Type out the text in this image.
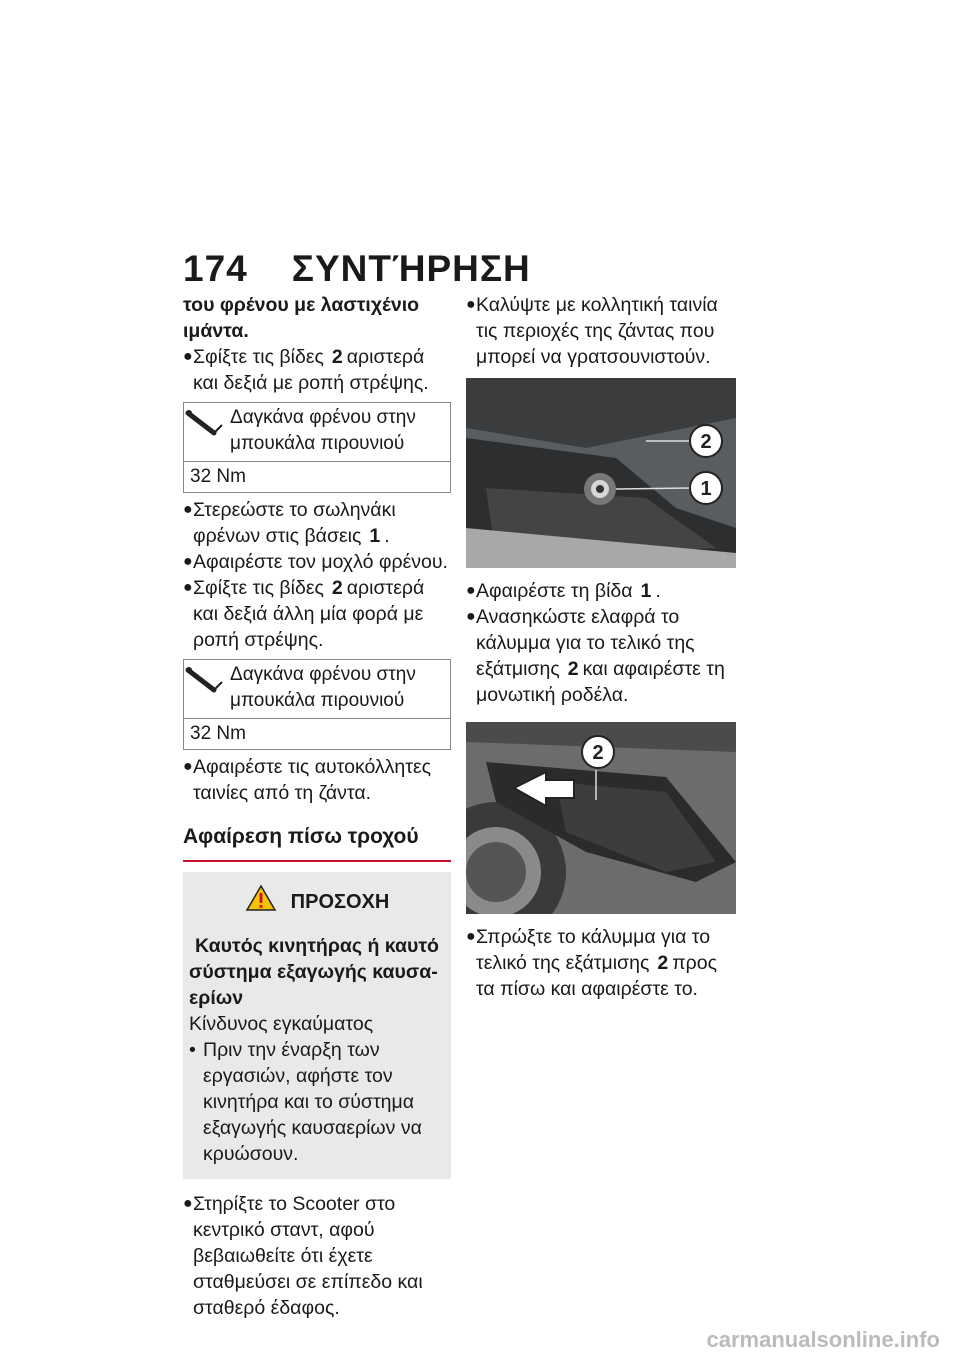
174 ΣΥΝΤΉΡΗΣΗ

του φρένου με λαστιχένιο ιμάντα.

● Σφίξτε τις βίδες 2 αριστερά και δεξιά με ροπή στρέψης.
Δαγκάνα φρένου στην μπουκάλα πιρουνιού
32 Nm
● Στερεώστε το σωληνάκι φρένων στις βάσεις 1 .
● Αφαιρέστε τον μοχλό φρένου.
● Σφίξτε τις βίδες 2 αριστερά και δεξιά άλλη μία φορά με ροπή στρέψης.
Δαγκάνα φρένου στην μπουκάλα πιρουνιού
32 Nm
● Αφαιρέστε τις αυτοκόλλητες ταινίες από τη ζάντα.
Αφαίρεση πίσω τροχού
ΠΡΟΣΟΧΗ

Καυτός κινητήρας ή καυτό

σύστημα εξαγωγής καυσα-

ερίων

Κίνδυνος εγκαύματος

• Πριν την έναρξη των εργασιών, αφήστε τον κινητήρα και το σύστημα εξαγωγής καυσαερίων να κρυώσουν.
● Στηρίξτε το Scooter στο κεντρικό σταντ, αφού βεβαιωθείτε ότι έχετε σταθμεύσει σε επίπεδο και σταθερό έδαφος.
● Καλύψτε με κολλητική ταινία τις περιοχές της ζάντας που μπορεί να γρατσουνιστούν.
2
1
● Αφαιρέστε τη βίδα 1 .
● Ανασηκώστε ελαφρά το κάλυμμα για το τελικό της εξάτμισης 2 και αφαιρέστε τη μονωτική ροδέλα.
2
● Σπρώξτε το κάλυμμα για το τελικό της εξάτμισης 2 προς τα πίσω και αφαιρέστε το.
carmanualsonline.info
